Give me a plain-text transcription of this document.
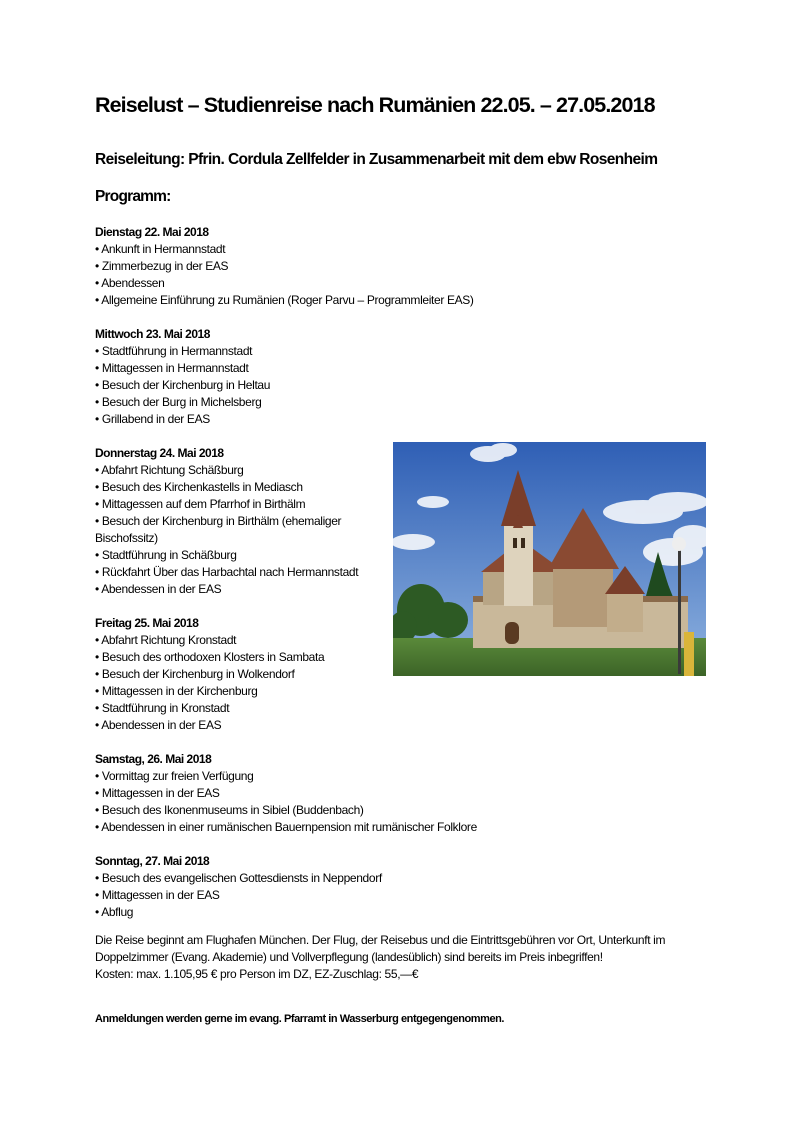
Reiselust – Studienreise nach Rumänien 22.05. – 27.05.2018

Reiseleitung: Pfrin. Cordula Zellfelder in Zusammenarbeit mit dem ebw Rosenheim

Programm:

Dienstag 22. Mai 2018
• Ankunft in Hermannstadt
• Zimmerbezug in der EAS
• Abendessen
• Allgemeine Einführung zu Rumänien (Roger Parvu – Programmleiter EAS)
Mittwoch 23. Mai 2018
• Stadtführung in Hermannstadt
• Mittagessen in Hermannstadt
• Besuch der Kirchenburg in Heltau
• Besuch der Burg in Michelsberg
• Grillabend in der EAS
Donnerstag 24. Mai 2018
• Abfahrt Richtung Schäßburg
• Besuch des Kirchenkastells in Mediasch
• Mittagessen auf dem Pfarrhof in Birthälm
• Besuch der Kirchenburg in Birthälm (ehemaliger Bischofssitz)
• Stadtführung in Schäßburg
• Rückfahrt Über das Harbachtal nach Hermannstadt
• Abendessen in der EAS
Freitag 25. Mai 2018
• Abfahrt Richtung Kronstadt
• Besuch des orthodoxen Klosters in Sambata
• Besuch der Kirchenburg in Wolkendorf
• Mittagessen in der Kirchenburg
• Stadtführung in Kronstadt
• Abendessen in der EAS
Samstag, 26. Mai 2018
• Vormittag zur freien Verfügung
• Mittagessen in der EAS
• Besuch des Ikonenmuseums in Sibiel (Buddenbach)
• Abendessen in einer rumänischen Bauernpension mit rumänischer Folklore
Sonntag, 27. Mai 2018
• Besuch des evangelischen Gottesdiensts in Neppendorf
• Mittagessen in der EAS
• Abflug

Die Reise beginnt am Flughafen München. Der Flug, der Reisebus und die Eintrittsgebühren vor Ort, Unterkunft im Doppelzimmer (Evang. Akademie) und Vollverpflegung (landesüblich) sind bereits im Preis inbegriffen!

Kosten: max. 1.105,95 € pro Person im DZ, EZ-Zuschlag: 55,—€

Anmeldungen werden gerne im evang. Pfarramt in Wasserburg entgegengenommen.
